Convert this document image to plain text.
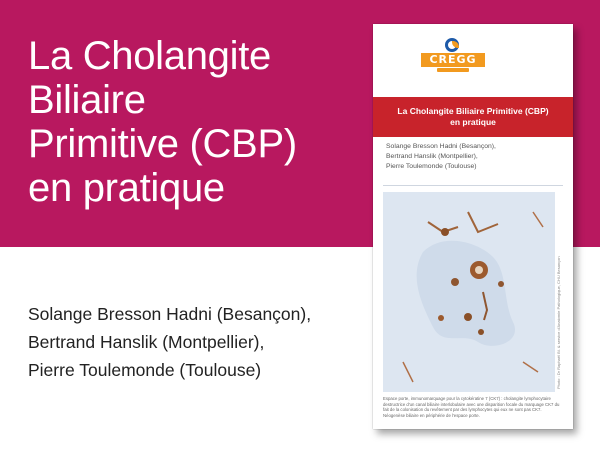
La Cholangite
Biliaire
Primitive (CBP)
en pratique
Solange Bresson Hadni (Besançon),
Bertrand Hanslik (Montpellier),
Pierre Toulemonde (Toulouse)
CREGG
La Cholangite Biliaire Primitive (CBP)
en pratique
Solange Bresson Hadni (Besançon),
Bertrand Hanslik (Montpellier),
Pierre Toulemonde (Toulouse)
Photo : Dr Raphaël Bl. & service d'Anatomie Pathologique, CHU Besançon
Espace porte, immunomarquage pour la cytokératine 7 (CK7) : cholangite lymphocytaire destructrice d'un canal biliaire interlobulaire avec une disparition focale du marquage CK7 du fait de la colonisation du revêtement par des lymphocytes qui eux ne sont pas CK7. Néogenèse biliaire en périphérie de l'espace porte.
